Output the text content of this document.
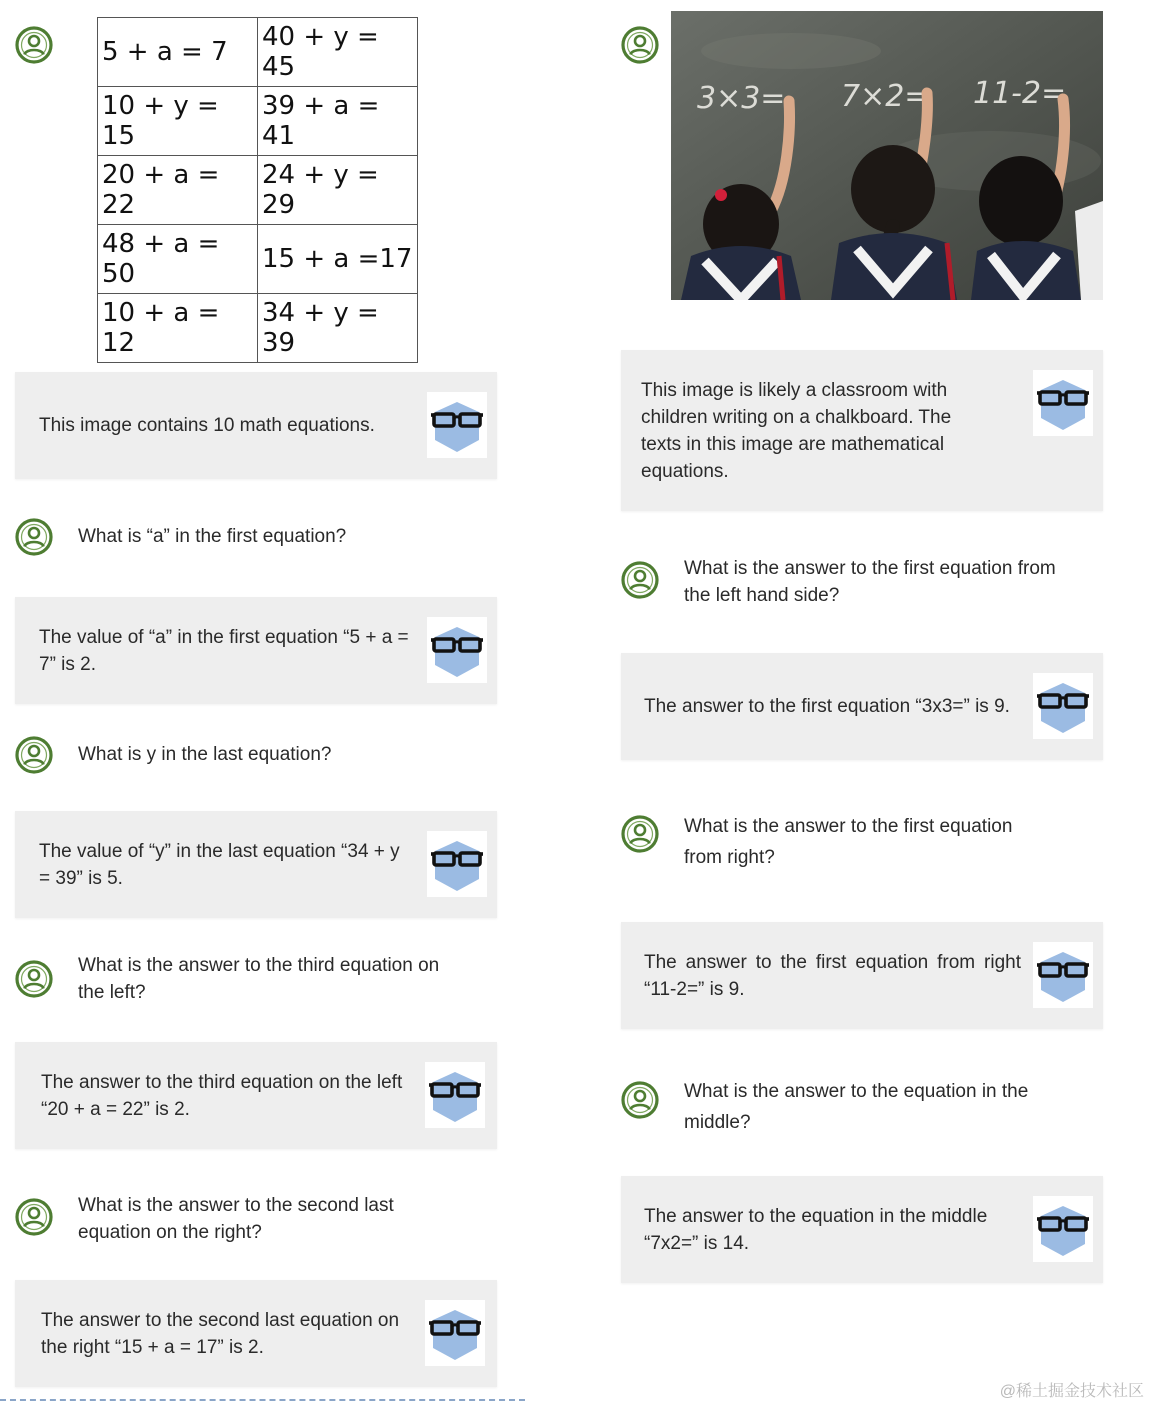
5 + a = 7	40 + y = 45
10 + y = 15	39 + a = 41
20 + a = 22	24 + y = 29
48 + a = 50	15 + a =17
10 + a = 12	34 + y = 39
This image contains 10 math equations.
What is “a” in the first equation?
The value of “a” in the first equation “5 + a = 7” is 2.
What is y in the last equation?
The value of “y” in the last equation “34 + y = 39” is 5.
What is the answer to the third equation on the left?
The answer to the third equation on the left “20 + a = 22” is 2.
What is the answer to the second last equation on the right?
The answer to the second last equation on the right “15 + a = 17” is 2.
3×3= 7×2= 11-2=
This image is likely a classroom with children writing on a chalkboard. The texts in this image are mathematical equations.
What is the answer to the first equation from the left hand side?
The answer to the first equation “3x3=” is 9.
What is the answer to the first equation from right?
The answer to the first equation from right “11-2=” is 9.
What is the answer to the equation in the middle?
The answer to the equation in the middle “7x2=” is 14.
@稀土掘金技术社区
